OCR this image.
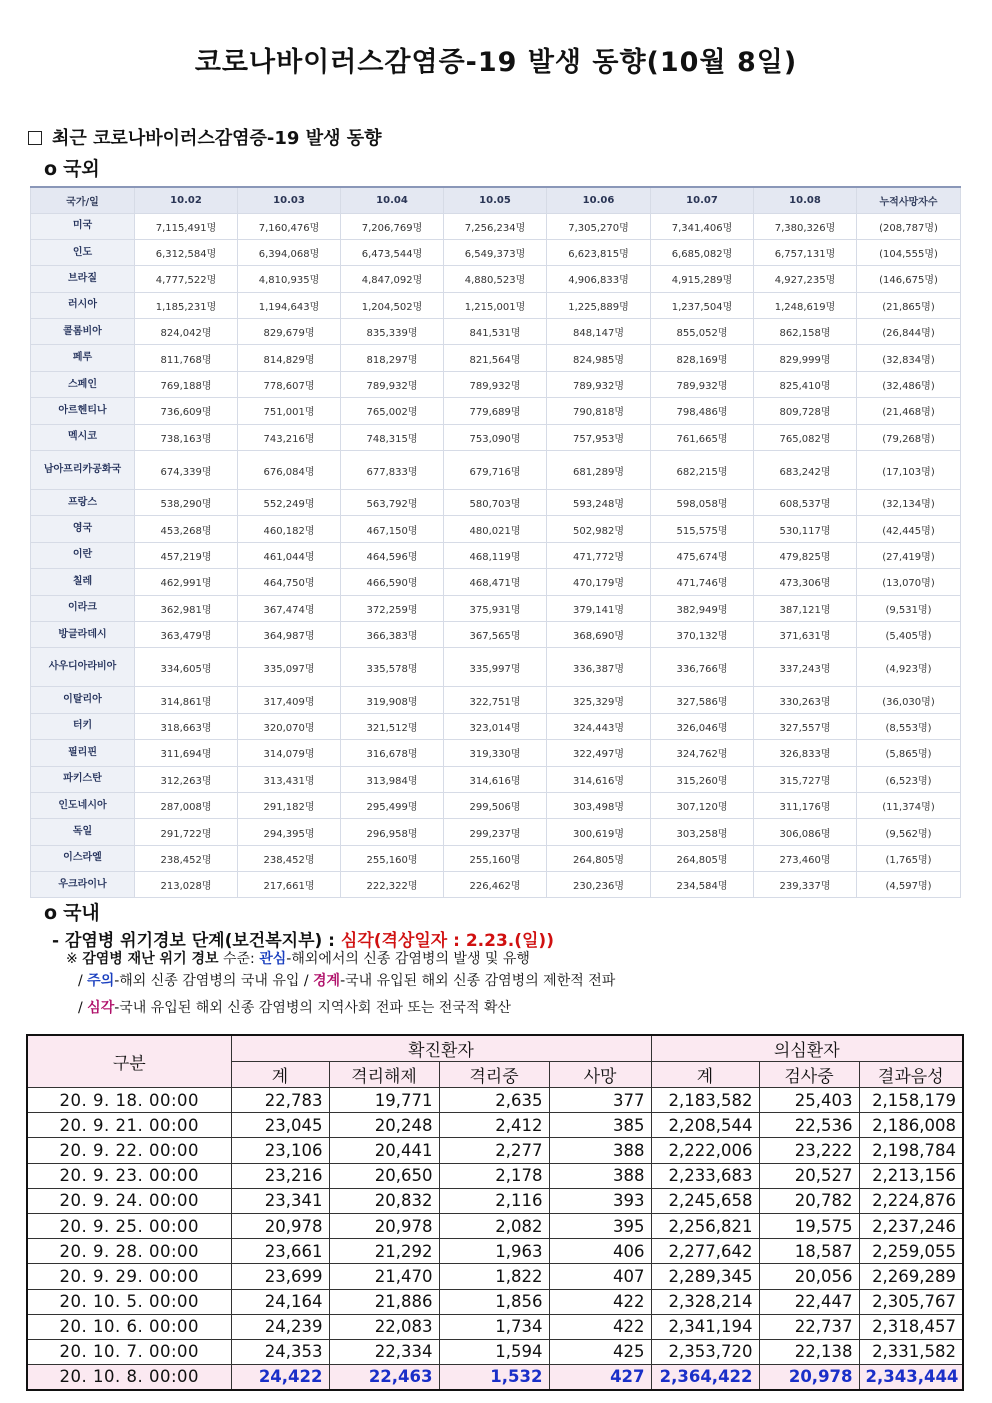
코로나바이러스감염증-19 발생 동향(10월 8일)
최근 코로나바이러스감염증-19 발생 동향
o 국외
국가/일	10.02	10.03	10.04	10.05	10.06	10.07	10.08	누적사망자수
미국	7,115,491명	7,160,476명	7,206,769명	7,256,234명	7,305,270명	7,341,406명	7,380,326명	(208,787명)
인도	6,312,584명	6,394,068명	6,473,544명	6,549,373명	6,623,815명	6,685,082명	6,757,131명	(104,555명)
브라질	4,777,522명	4,810,935명	4,847,092명	4,880,523명	4,906,833명	4,915,289명	4,927,235명	(146,675명)
러시아	1,185,231명	1,194,643명	1,204,502명	1,215,001명	1,225,889명	1,237,504명	1,248,619명	(21,865명)
콜롬비아	824,042명	829,679명	835,339명	841,531명	848,147명	855,052명	862,158명	(26,844명)
페루	811,768명	814,829명	818,297명	821,564명	824,985명	828,169명	829,999명	(32,834명)
스페인	769,188명	778,607명	789,932명	789,932명	789,932명	789,932명	825,410명	(32,486명)
아르헨티나	736,609명	751,001명	765,002명	779,689명	790,818명	798,486명	809,728명	(21,468명)
멕시코	738,163명	743,216명	748,315명	753,090명	757,953명	761,665명	765,082명	(79,268명)
남아프리카공화국	674,339명	676,084명	677,833명	679,716명	681,289명	682,215명	683,242명	(17,103명)
프랑스	538,290명	552,249명	563,792명	580,703명	593,248명	598,058명	608,537명	(32,134명)
영국	453,268명	460,182명	467,150명	480,021명	502,982명	515,575명	530,117명	(42,445명)
이란	457,219명	461,044명	464,596명	468,119명	471,772명	475,674명	479,825명	(27,419명)
칠레	462,991명	464,750명	466,590명	468,471명	470,179명	471,746명	473,306명	(13,070명)
이라크	362,981명	367,474명	372,259명	375,931명	379,141명	382,949명	387,121명	(9,531명)
방글라데시	363,479명	364,987명	366,383명	367,565명	368,690명	370,132명	371,631명	(5,405명)
사우디아라비아	334,605명	335,097명	335,578명	335,997명	336,387명	336,766명	337,243명	(4,923명)
이탈리아	314,861명	317,409명	319,908명	322,751명	325,329명	327,586명	330,263명	(36,030명)
터키	318,663명	320,070명	321,512명	323,014명	324,443명	326,046명	327,557명	(8,553명)
필리핀	311,694명	314,079명	316,678명	319,330명	322,497명	324,762명	326,833명	(5,865명)
파키스탄	312,263명	313,431명	313,984명	314,616명	314,616명	315,260명	315,727명	(6,523명)
인도네시아	287,008명	291,182명	295,499명	299,506명	303,498명	307,120명	311,176명	(11,374명)
독일	291,722명	294,395명	296,958명	299,237명	300,619명	303,258명	306,086명	(9,562명)
이스라엘	238,452명	238,452명	255,160명	255,160명	264,805명	264,805명	273,460명	(1,765명)
우크라이나	213,028명	217,661명	222,322명	226,462명	230,236명	234,584명	239,337명	(4,597명)
o 국내
- 감염병 위기경보 단계(보건복지부) : 심각(격상일자 : 2.23.(일))
※ 감염병 재난 위기 경보 수준: 관심-해외에서의 신종 감염병의 발생 및 유행
/ 주의-해외 신종 감염병의 국내 유입 / 경계-국내 유입된 해외 신종 감염병의 제한적 전파
/ 심각-국내 유입된 해외 신종 감염병의 지역사회 전파 또는 전국적 확산
구분	확진환자				의심환자		
	계	격리해제	격리중	사망	계	검사중	결과음성
20. 9. 18. 00:00	22,783	19,771	2,635	377	2,183,582	25,403	2,158,179
20. 9. 21. 00:00	23,045	20,248	2,412	385	2,208,544	22,536	2,186,008
20. 9. 22. 00:00	23,106	20,441	2,277	388	2,222,006	23,222	2,198,784
20. 9. 23. 00:00	23,216	20,650	2,178	388	2,233,683	20,527	2,213,156
20. 9. 24. 00:00	23,341	20,832	2,116	393	2,245,658	20,782	2,224,876
20. 9. 25. 00:00	20,978	20,978	2,082	395	2,256,821	19,575	2,237,246
20. 9. 28. 00:00	23,661	21,292	1,963	406	2,277,642	18,587	2,259,055
20. 9. 29. 00:00	23,699	21,470	1,822	407	2,289,345	20,056	2,269,289
20. 10. 5. 00:00	24,164	21,886	1,856	422	2,328,214	22,447	2,305,767
20. 10. 6. 00:00	24,239	22,083	1,734	422	2,341,194	22,737	2,318,457
20. 10. 7. 00:00	24,353	22,334	1,594	425	2,353,720	22,138	2,331,582
20. 10. 8. 00:00	24,422	22,463	1,532	427	2,364,422	20,978	2,343,444
